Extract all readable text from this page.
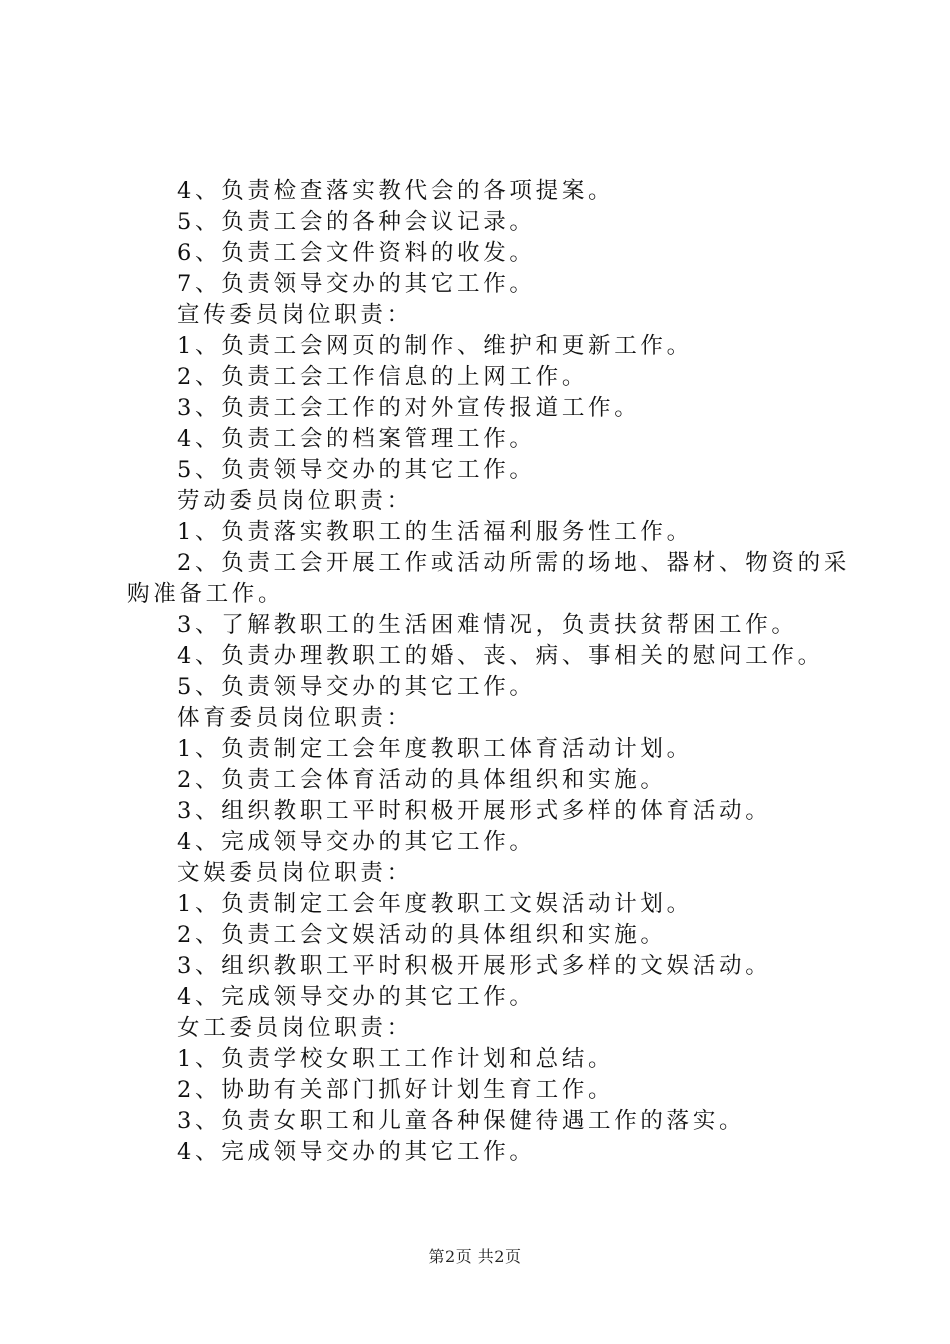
4、负责检查落实教代会的各项提案。
5、负责工会的各种会议记录。
6、负责工会文件资料的收发。
7、负责领导交办的其它工作。
宣传委员岗位职责：
1、负责工会网页的制作、维护和更新工作。
2、负责工会工作信息的上网工作。
3、负责工会工作的对外宣传报道工作。
4、负责工会的档案管理工作。
5、负责领导交办的其它工作。
劳动委员岗位职责：
1、负责落实教职工的生活福利服务性工作。
2、负责工会开展工作或活动所需的场地、器材、物资的采
购准备工作。
3、了解教职工的生活困难情况，负责扶贫帮困工作。
4、负责办理教职工的婚、丧、病、事相关的慰问工作。
5、负责领导交办的其它工作。
体育委员岗位职责：
1、负责制定工会年度教职工体育活动计划。
2、负责工会体育活动的具体组织和实施。
3、组织教职工平时积极开展形式多样的体育活动。
4、完成领导交办的其它工作。
文娱委员岗位职责：
1、负责制定工会年度教职工文娱活动计划。
2、负责工会文娱活动的具体组织和实施。
3、组织教职工平时积极开展形式多样的文娱活动。
4、完成领导交办的其它工作。
女工委员岗位职责：
1、负责学校女职工工作计划和总结。
2、协助有关部门抓好计划生育工作。
3、负责女职工和儿童各种保健待遇工作的落实。
4、完成领导交办的其它工作。
第2页 共2页
